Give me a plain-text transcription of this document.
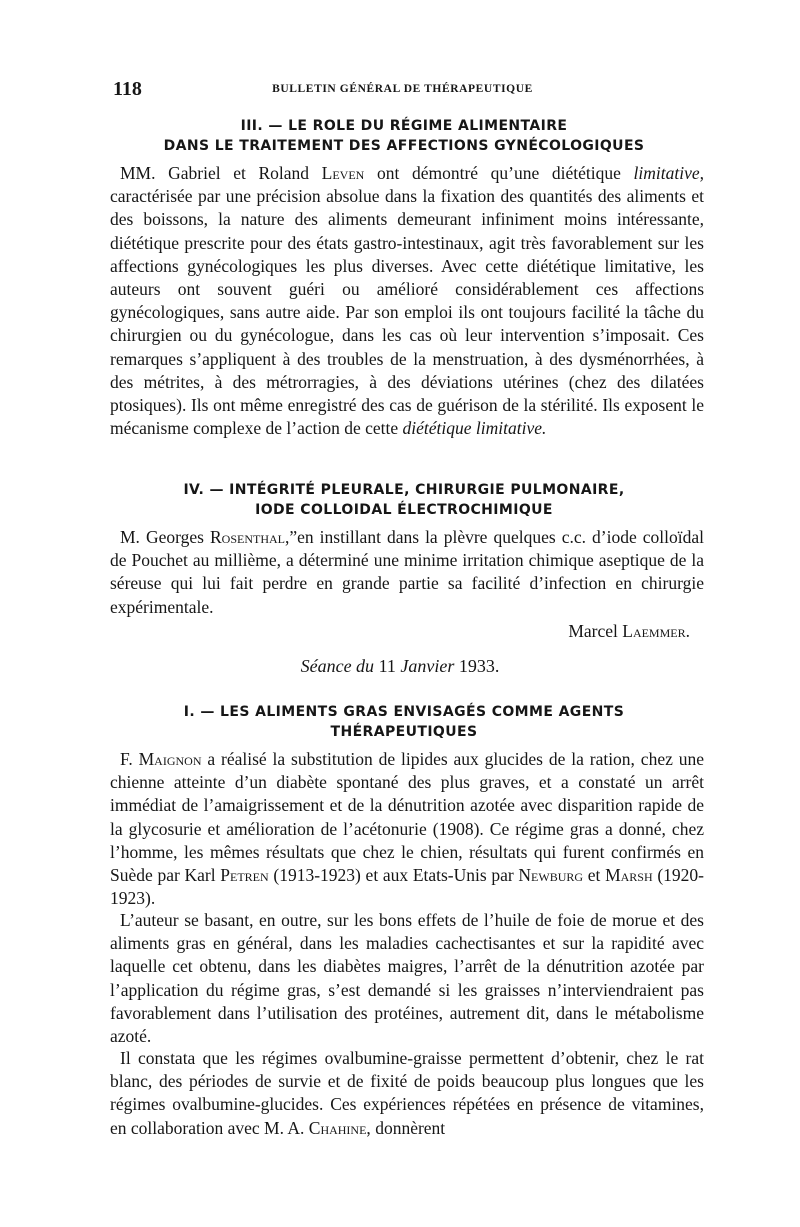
118	BULLETIN GÉNÉRAL DE THÉRAPEUTIQUE
III. — LE ROLE DU RÉGIME ALIMENTAIRE
DANS LE TRAITEMENT DES AFFECTIONS GYNÉCOLOGIQUES

MM. Gabriel et Roland Leven ont démontré qu’une diététique limitative, caractérisée par une précision absolue dans la fixation des quantités des aliments et des boissons, la nature des aliments demeurant infiniment moins intéressante, diététique prescrite pour des états gastro-intestinaux, agit très favorablement sur les affections gynécologiques les plus diverses. Avec cette diététique limitative, les auteurs ont souvent guéri ou amélioré considérablement ces affections gynécologiques, sans autre aide. Par son emploi ils ont toujours facilité la tâche du chirurgien ou du gynécologue, dans les cas où leur intervention s’imposait. Ces remarques s’appliquent à des troubles de la menstruation, à des dysménorrhées, à des métrites, à des métrorragies, à des déviations utérines (chez des dilatées ptosiques). Ils ont même enregistré des cas de guérison de la stérilité. Ils exposent le mécanisme complexe de l’action de cette diététique limitative.

IV. — INTÉGRITÉ PLEURALE, CHIRURGIE PULMONAIRE,
IODE COLLOIDAL ÉLECTROCHIMIQUE

M. Georges Rosenthal,”en instillant dans la plèvre quelques c.c. d’iode colloïdal de Pouchet au millième, a déterminé une minime irritation chimique aseptique de la séreuse qui lui fait perdre en grande partie sa facilité d’infection en chirurgie expérimentale.

Marcel Laemmer.
Séance du 11 Janvier 1933.
I. — LES ALIMENTS GRAS ENVISAGÉS COMME AGENTS
THÉRAPEUTIQUES

F. Maignon a réalisé la substitution de lipides aux glucides de la ration, chez une chienne atteinte d’un diabète spontané des plus graves, et a constaté un arrêt immédiat de l’amaigrissement et de la dénutrition azotée avec disparition rapide de la glycosurie et amélioration de l’acétonurie (1908). Ce régime gras a donné, chez l’homme, les mêmes résultats que chez le chien, résultats qui furent confirmés en Suède par Karl Petren (1913-1923) et aux Etats-Unis par Newburg et Marsh (1920-1923).

L’auteur se basant, en outre, sur les bons effets de l’huile de foie de morue et des aliments gras en général, dans les maladies cachectisantes et sur la rapidité avec laquelle cet obtenu, dans les diabètes maigres, l’arrêt de la dénutrition azotée par l’application du régime gras, s’est demandé si les graisses n’interviendraient pas favorablement dans l’utilisation des protéines, autrement dit, dans le métabolisme azoté.

Il constata que les régimes ovalbumine-graisse permettent d’obtenir, chez le rat blanc, des périodes de survie et de fixité de poids beaucoup plus longues que les régimes ovalbumine-glucides. Ces expériences répétées en présence de vitamines, en collaboration avec M. A. Chahine, donnèrent
